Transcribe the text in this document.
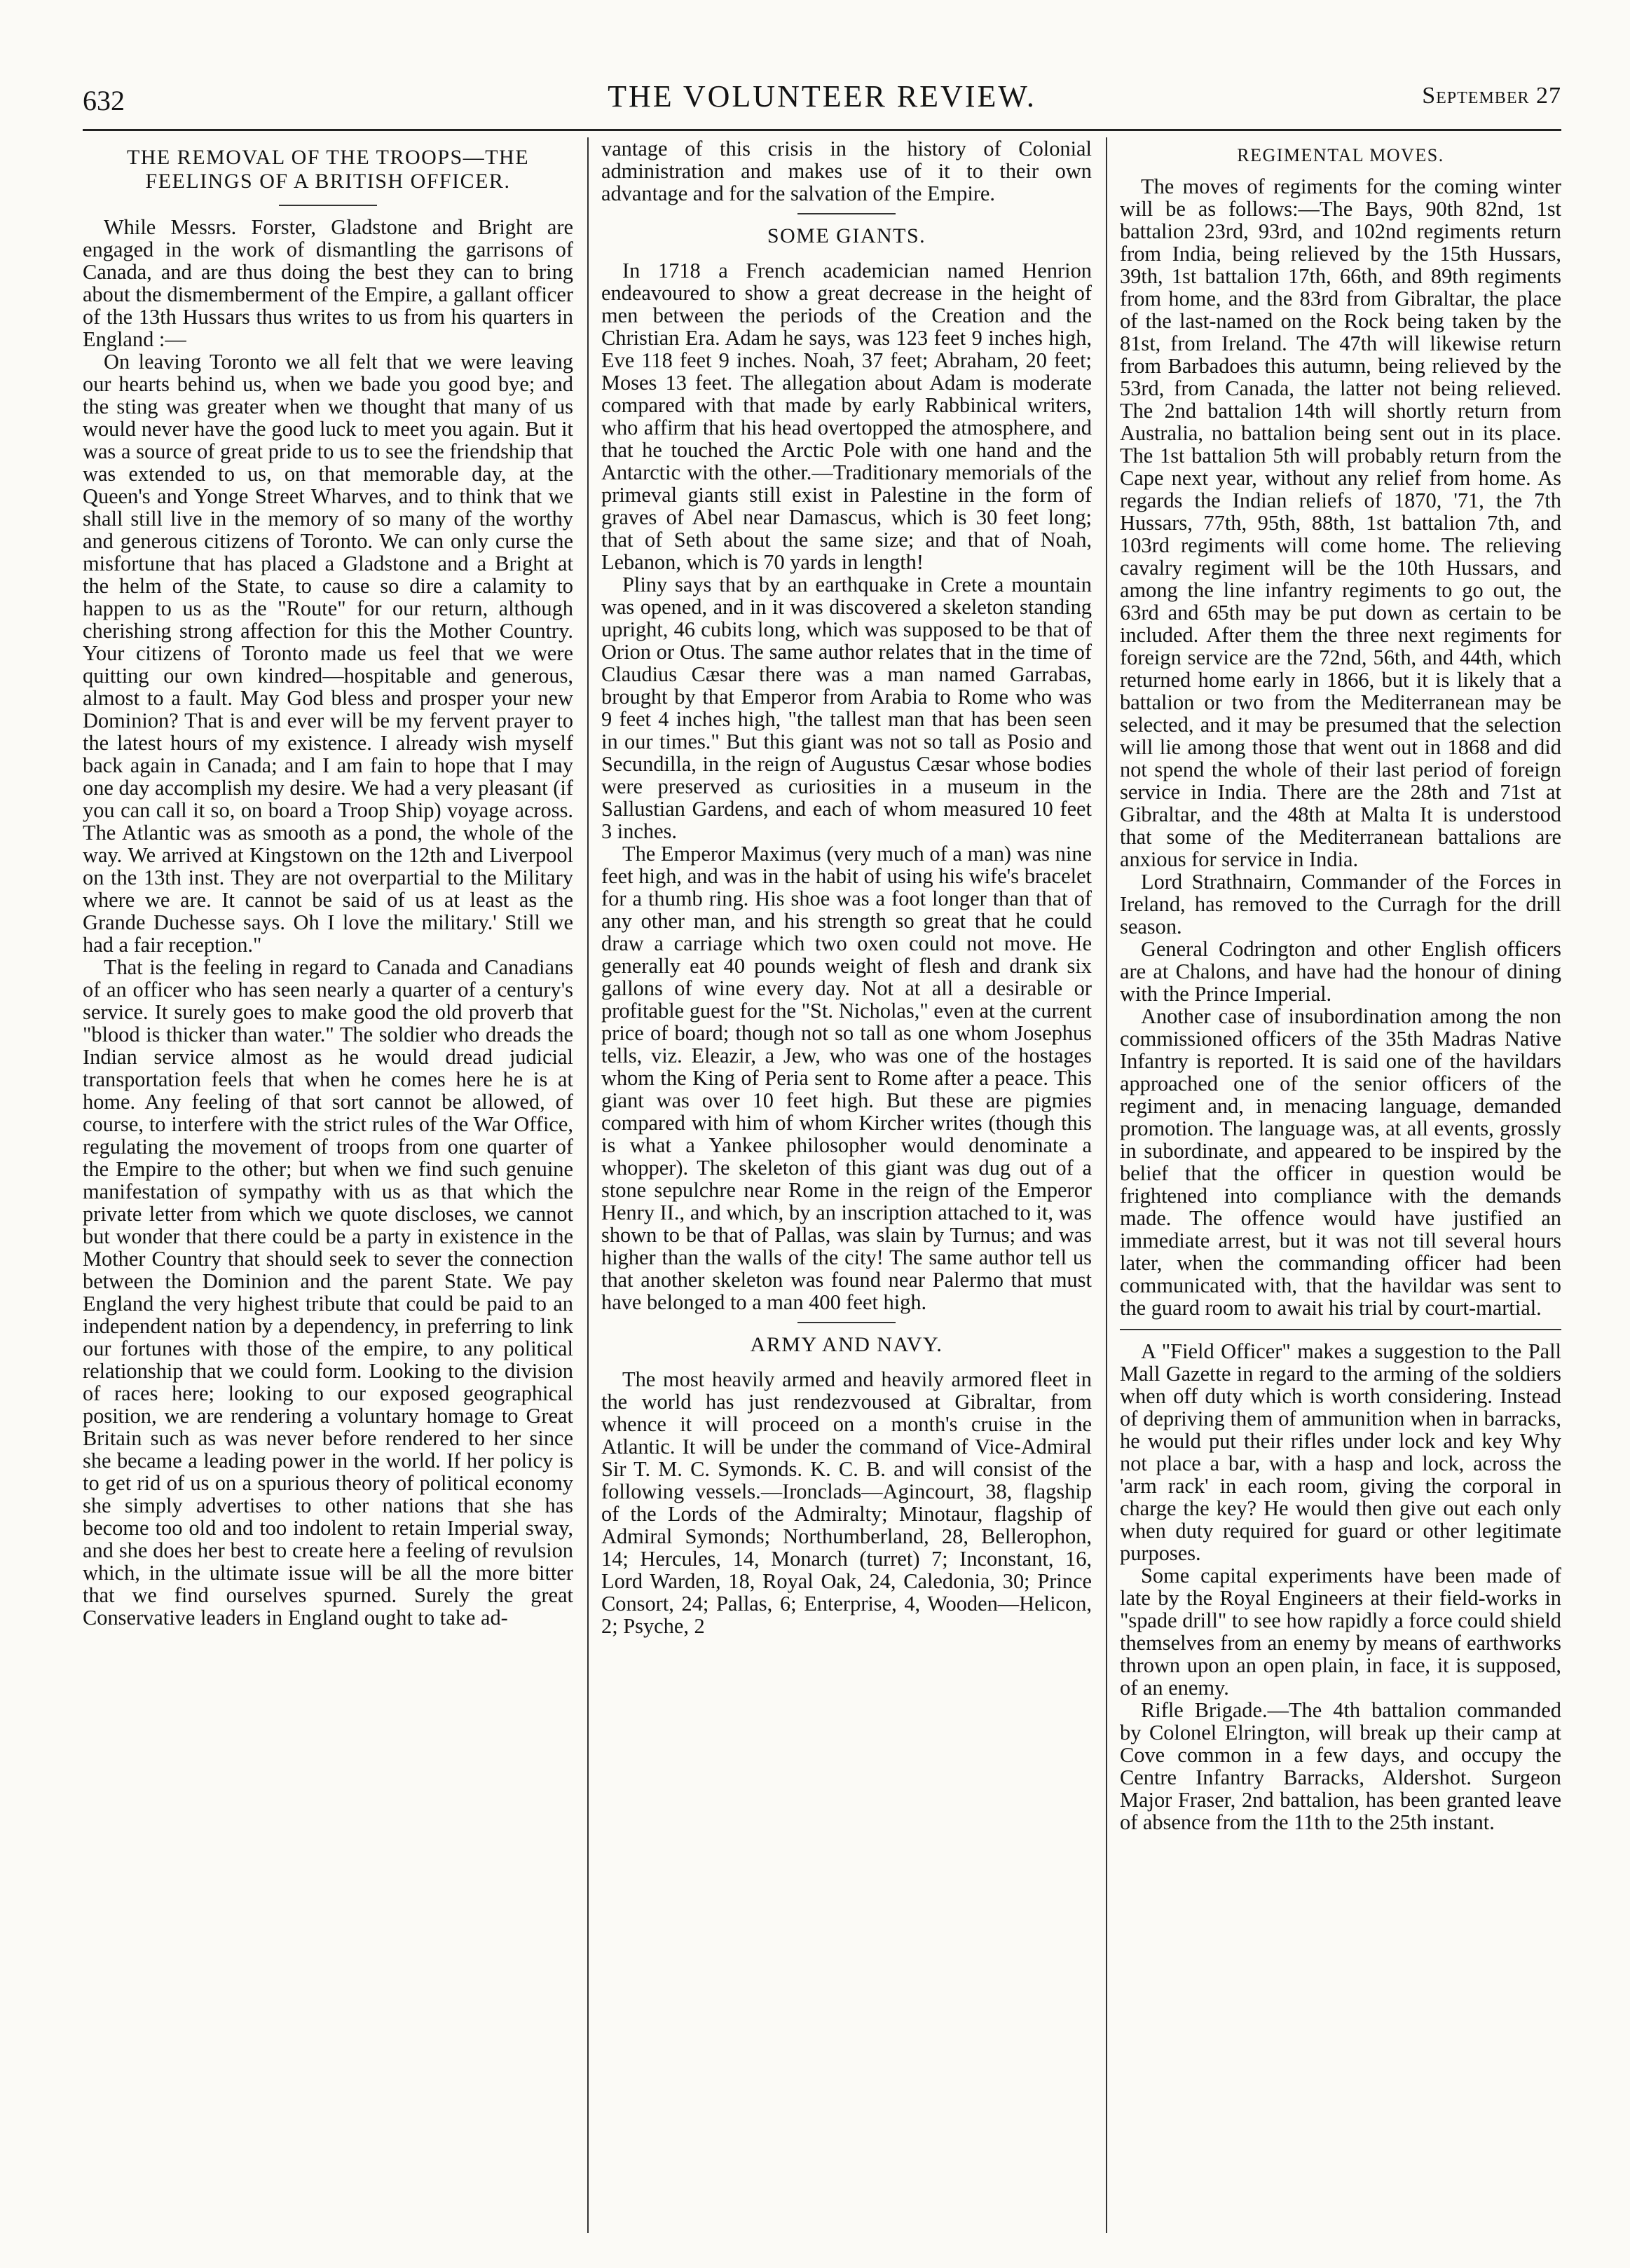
632	THE VOLUNTEER REVIEW.	September 27
THE REMOVAL OF THE TROOPS—THE FEELINGS OF A BRITISH OFFICER.

While Messrs. Forster, Gladstone and Bright are engaged in the work of dismantling the garrisons of Canada, and are thus doing the best they can to bring about the dismemberment of the Empire, a gallant officer of the 13th Hussars thus writes to us from his quarters in England :—

On leaving Toronto we all felt that we were leaving our hearts behind us, when we bade you good bye; and the sting was greater when we thought that many of us would never have the good luck to meet you again. But it was a source of great pride to us to see the friendship that was extended to us, on that memorable day, at the Queen's and Yonge Street Wharves, and to think that we shall still live in the memory of so many of the worthy and generous citizens of Toronto. We can only curse the misfortune that has placed a Gladstone and a Bright at the helm of the State, to cause so dire a calamity to happen to us as the "Route" for our return, although cherishing strong affection for this the Mother Country. Your citizens of Toronto made us feel that we were quitting our own kindred—hospitable and generous, almost to a fault. May God bless and prosper your new Dominion? That is and ever will be my fervent prayer to the latest hours of my existence. I already wish myself back again in Canada; and I am fain to hope that I may one day accomplish my desire. We had a very pleasant (if you can call it so, on board a Troop Ship) voyage across. The Atlantic was as smooth as a pond, the whole of the way. We arrived at Kingstown on the 12th and Liverpool on the 13th inst. They are not overpartial to the Military where we are. It cannot be said of us at least as the Grande Duchesse says. Oh I love the military.' Still we had a fair reception."

That is the feeling in regard to Canada and Canadians of an officer who has seen nearly a quarter of a century's service. It surely goes to make good the old proverb that "blood is thicker than water." The soldier who dreads the Indian service almost as he would dread judicial transportation feels that when he comes here he is at home. Any feeling of that sort cannot be allowed, of course, to interfere with the strict rules of the War Office, regulating the movement of troops from one quarter of the Empire to the other; but when we find such genuine manifestation of sympathy with us as that which the private letter from which we quote discloses, we cannot but wonder that there could be a party in existence in the Mother Country that should seek to sever the connection between the Dominion and the parent State. We pay England the very highest tribute that could be paid to an independent nation by a dependency, in preferring to link our fortunes with those of the empire, to any political relationship that we could form. Looking to the division of races here; looking to our exposed geographical position, we are rendering a voluntary homage to Great Britain such as was never before rendered to her since she became a leading power in the world. If her policy is to get rid of us on a spurious theory of political economy she simply advertises to other nations that she has become too old and too indolent to retain Imperial sway, and she does her best to create here a feeling of revulsion which, in the ultimate issue will be all the more bitter that we find ourselves spurned. Surely the great Conservative leaders in England ought to take ad-

vantage of this crisis in the history of Colonial administration and makes use of it to their own advantage and for the salvation of the Empire.

SOME GIANTS.

In 1718 a French academician named Henrion endeavoured to show a great decrease in the height of men between the periods of the Creation and the Christian Era. Adam he says, was 123 feet 9 inches high, Eve 118 feet 9 inches. Noah, 37 feet; Abraham, 20 feet; Moses 13 feet. The allegation about Adam is moderate compared with that made by early Rabbinical writers, who affirm that his head overtopped the atmosphere, and that he touched the Arctic Pole with one hand and the Antarctic with the other.—Traditionary memorials of the primeval giants still exist in Palestine in the form of graves of Abel near Damascus, which is 30 feet long; that of Seth about the same size; and that of Noah, Lebanon, which is 70 yards in length!

Pliny says that by an earthquake in Crete a mountain was opened, and in it was discovered a skeleton standing upright, 46 cubits long, which was supposed to be that of Orion or Otus. The same author relates that in the time of Claudius Cæsar there was a man named Garrabas, brought by that Emperor from Arabia to Rome who was 9 feet 4 inches high, "the tallest man that has been seen in our times." But this giant was not so tall as Posio and Secundilla, in the reign of Augustus Cæsar whose bodies were preserved as curiosities in a museum in the Sallustian Gardens, and each of whom measured 10 feet 3 inches.

The Emperor Maximus (very much of a man) was nine feet high, and was in the habit of using his wife's bracelet for a thumb ring. His shoe was a foot longer than that of any other man, and his strength so great that he could draw a carriage which two oxen could not move. He generally eat 40 pounds weight of flesh and drank six gallons of wine every day. Not at all a desirable or profitable guest for the "St. Nicholas," even at the current price of board; though not so tall as one whom Josephus tells, viz. Eleazir, a Jew, who was one of the hostages whom the King of Peria sent to Rome after a peace. This giant was over 10 feet high. But these are pigmies compared with him of whom Kircher writes (though this is what a Yankee philosopher would denominate a whopper). The skeleton of this giant was dug out of a stone sepulchre near Rome in the reign of the Emperor Henry II., and which, by an inscription attached to it, was shown to be that of Pallas, was slain by Turnus; and was higher than the walls of the city! The same author tell us that another skeleton was found near Palermo that must have belonged to a man 400 feet high.

ARMY AND NAVY.

The most heavily armed and heavily armored fleet in the world has just rendezvoused at Gibraltar, from whence it will proceed on a month's cruise in the Atlantic. It will be under the command of Vice-Admiral Sir T. M. C. Symonds. K. C. B. and will consist of the following vessels.—Ironclads—Agincourt, 38, flagship of the Lords of the Admiralty; Minotaur, flagship of Admiral Symonds; Northumberland, 28, Bellerophon, 14; Hercules, 14, Monarch (turret) 7; Inconstant, 16, Lord Warden, 18, Royal Oak, 24, Caledonia, 30; Prince Consort, 24; Pallas, 6; Enterprise, 4, Wooden—Helicon, 2; Psyche, 2

REGIMENTAL MOVES.

The moves of regiments for the coming winter will be as follows:—The Bays, 90th 82nd, 1st battalion 23rd, 93rd, and 102nd regiments return from India, being relieved by the 15th Hussars, 39th, 1st battalion 17th, 66th, and 89th regiments from home, and the 83rd from Gibraltar, the place of the last-named on the Rock being taken by the 81st, from Ireland. The 47th will likewise return from Barbadoes this autumn, being relieved by the 53rd, from Canada, the latter not being relieved. The 2nd battalion 14th will shortly return from Australia, no battalion being sent out in its place. The 1st battalion 5th will probably return from the Cape next year, without any relief from home. As regards the Indian reliefs of 1870, '71, the 7th Hussars, 77th, 95th, 88th, 1st battalion 7th, and 103rd regiments will come home. The relieving cavalry regiment will be the 10th Hussars, and among the line infantry regiments to go out, the 63rd and 65th may be put down as certain to be included. After them the three next regiments for foreign service are the 72nd, 56th, and 44th, which returned home early in 1866, but it is likely that a battalion or two from the Mediterranean may be selected, and it may be presumed that the selection will lie among those that went out in 1868 and did not spend the whole of their last period of foreign service in India. There are the 28th and 71st at Gibraltar, and the 48th at Malta It is understood that some of the Mediterranean battalions are anxious for service in India.

Lord Strathnairn, Commander of the Forces in Ireland, has removed to the Curragh for the drill season.

General Codrington and other English officers are at Chalons, and have had the honour of dining with the Prince Imperial.

Another case of insubordination among the non commissioned officers of the 35th Madras Native Infantry is reported. It is said one of the havildars approached one of the senior officers of the regiment and, in menacing language, demanded promotion. The language was, at all events, grossly in subordinate, and appeared to be inspired by the belief that the officer in question would be frightened into compliance with the demands made. The offence would have justified an immediate arrest, but it was not till several hours later, when the commanding officer had been communicated with, that the havildar was sent to the guard room to await his trial by court-martial.

A "Field Officer" makes a suggestion to the Pall Mall Gazette in regard to the arming of the soldiers when off duty which is worth considering. Instead of depriving them of ammunition when in barracks, he would put their rifles under lock and key Why not place a bar, with a hasp and lock, across the 'arm rack' in each room, giving the corporal in charge the key? He would then give out each only when duty required for guard or other legitimate purposes.

Some capital experiments have been made of late by the Royal Engineers at their field-works in "spade drill" to see how rapidly a force could shield themselves from an enemy by means of earthworks thrown upon an open plain, in face, it is supposed, of an enemy.

Rifle Brigade.—The 4th battalion commanded by Colonel Elrington, will break up their camp at Cove common in a few days, and occupy the Centre Infantry Barracks, Aldershot. Surgeon Major Fraser, 2nd battalion, has been granted leave of absence from the 11th to the 25th instant.
